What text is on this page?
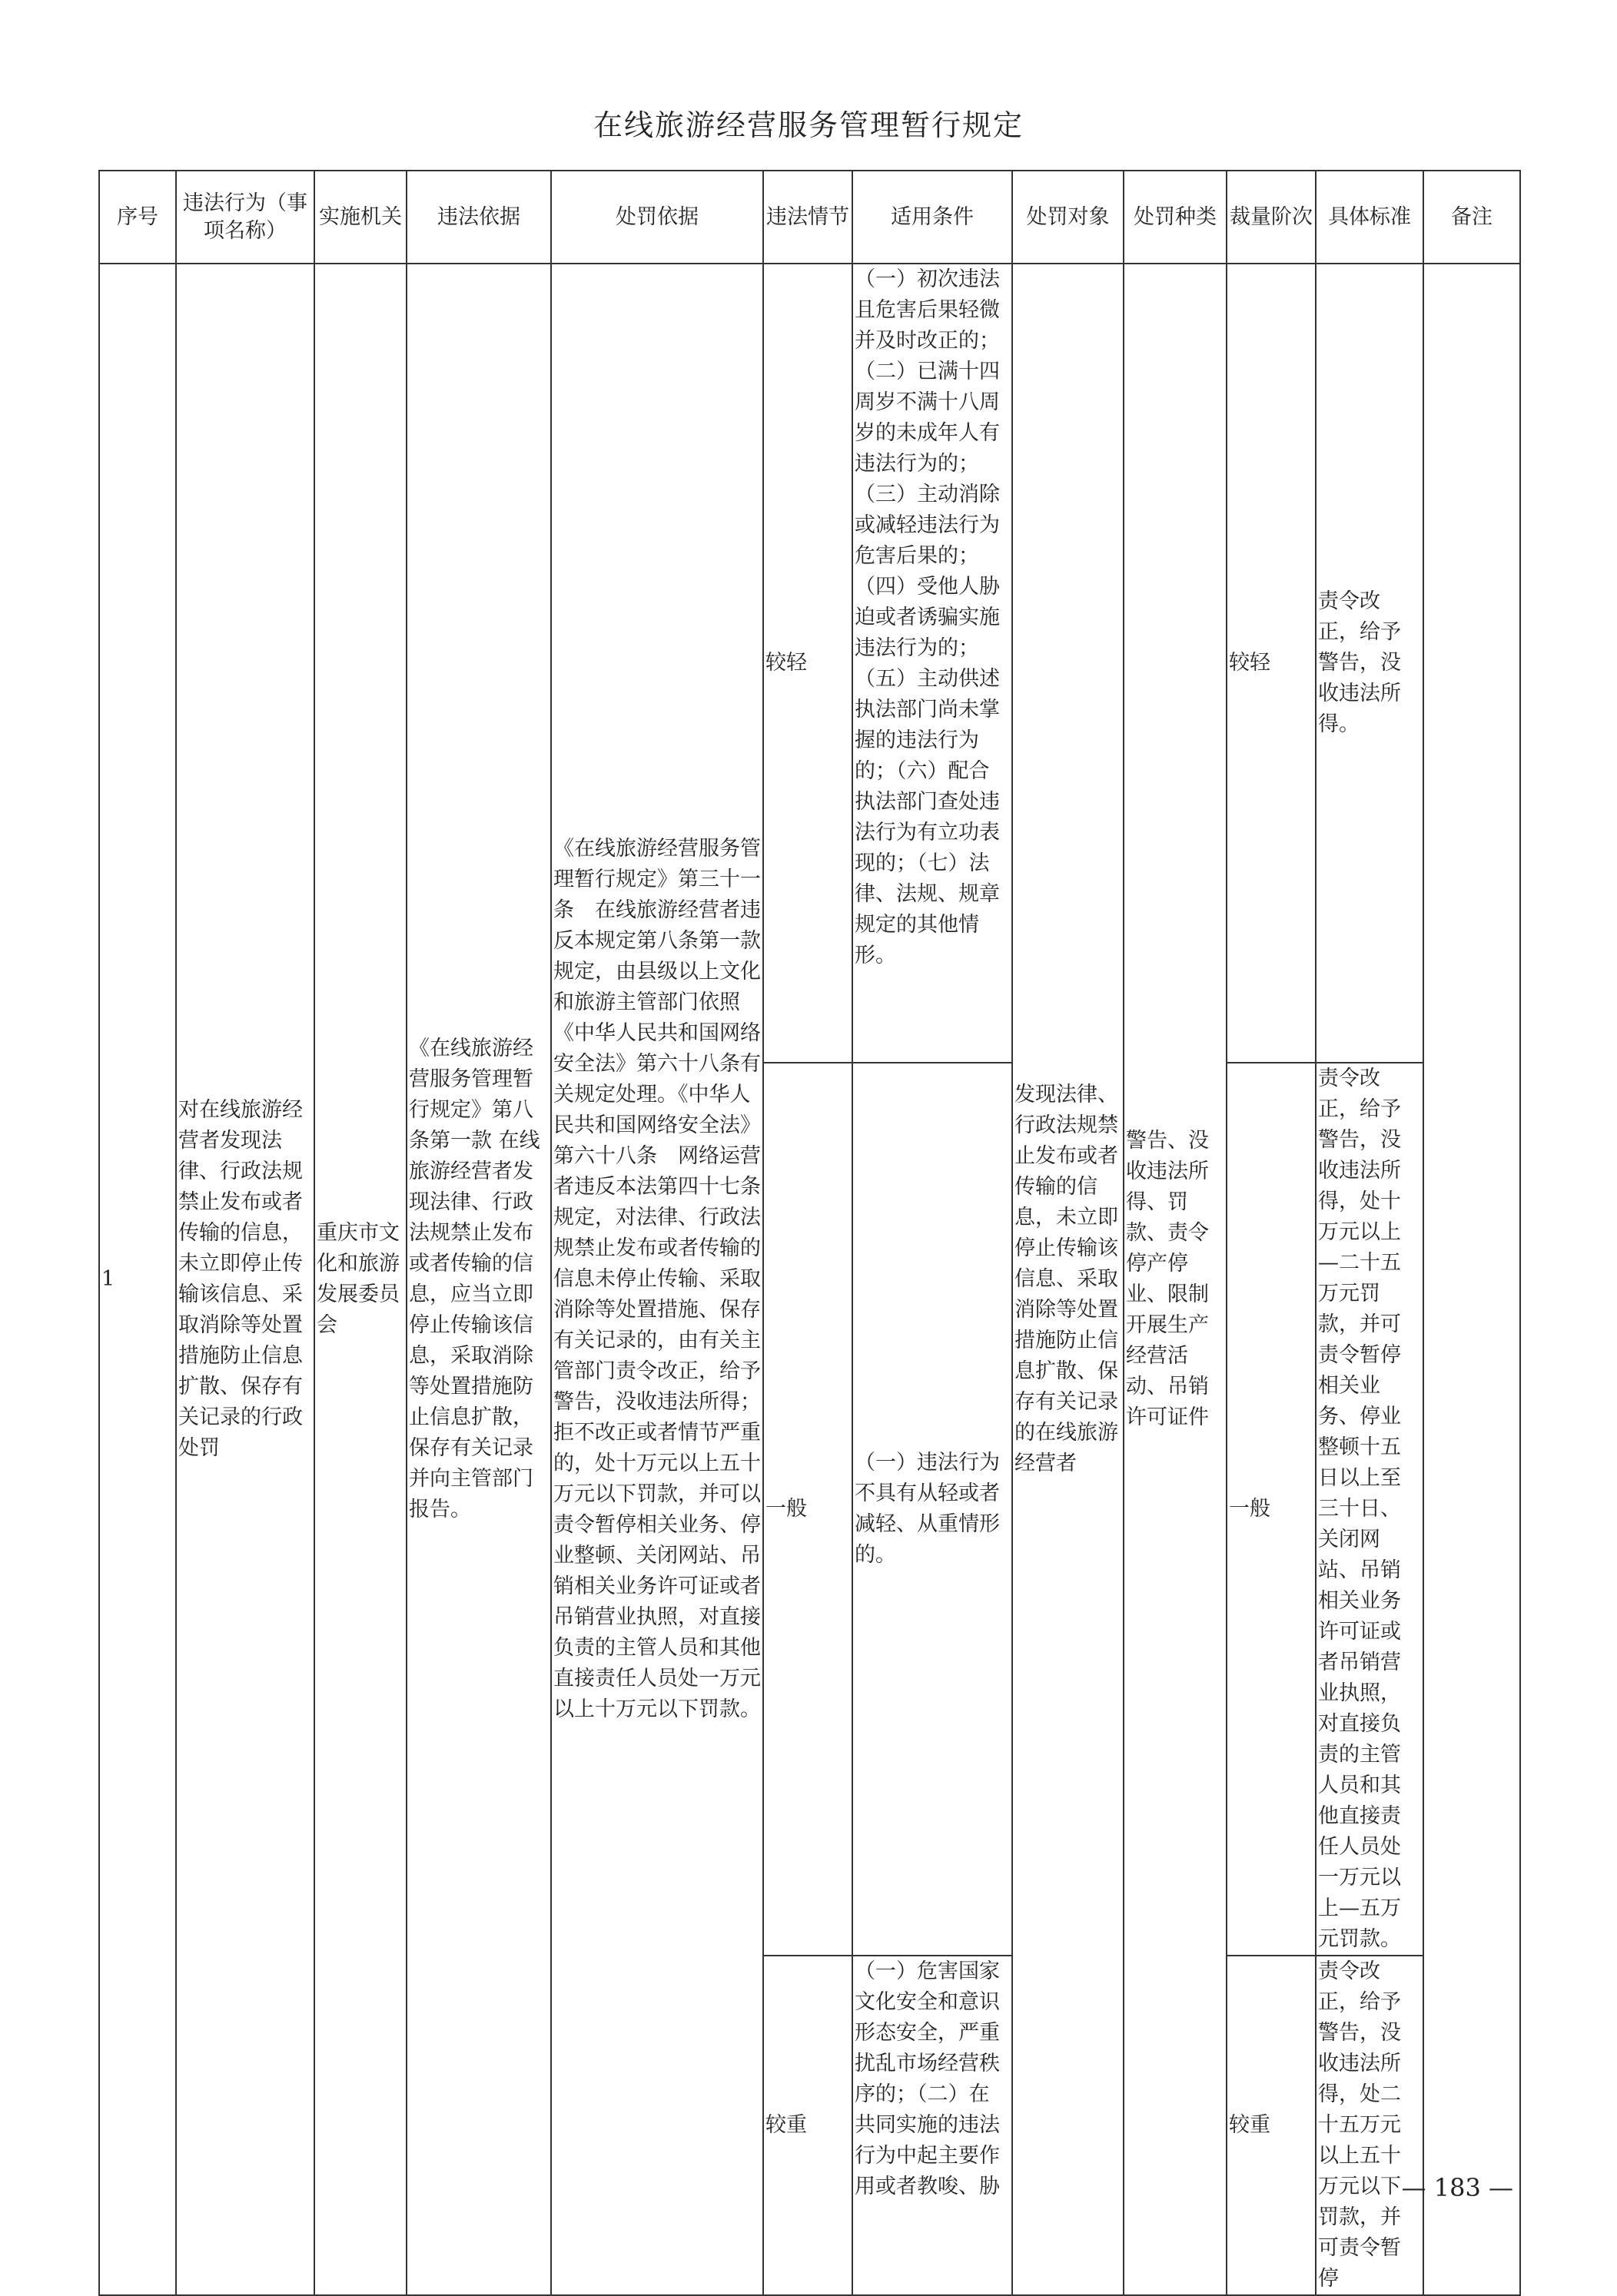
在线旅游经营服务管理暂行规定
序号	违法行为（事项名称）	实施机关	违法依据	处罚依据	违法情节	适用条件	处罚对象	处罚种类	裁量阶次	具体标准	备注
1	对在线旅游经营者发现法律、行政法规禁止发布或者传输的信息，未立即停止传输该信息、采取消除等处置措施防止信息扩散、保存有关记录的行政处罚	重庆市文化和旅游发展委员会	《在线旅游经营服务管理暂行规定》第八条第一款 在线旅游经营者发现法律、行政法规禁止发布或者传输的信息，应当立即停止传输该信息，采取消除等处置措施防止信息扩散，保存有关记录并向主管部门报告。	《在线旅游经营服务管理暂行规定》第三十一条　在线旅游经营者违反本规定第八条第一款规定，由县级以上文化和旅游主管部门依照《中华人民共和国网络安全法》第六十八条有关规定处理。《中华人民共和国网络安全法》第六十八条　网络运营者违反本法第四十七条规定，对法律、行政法规禁止发布或者传输的信息未停止传输、采取消除等处置措施、保存有关记录的，由有关主管部门责令改正，给予警告，没收违法所得；拒不改正或者情节严重的，处十万元以上五十万元以下罚款，并可以责令暂停相关业务、停业整顿、关闭网站、吊销相关业务许可证或者吊销营业执照，对直接负责的主管人员和其他直接责任人员处一万元以上十万元以下罚款。	较轻	（一）初次违法且危害后果轻微并及时改正的；（二）已满十四周岁不满十八周岁的未成年人有违法行为的；（三）主动消除或减轻违法行为危害后果的；（四）受他人胁迫或者诱骗实施违法行为的；（五）主动供述执法部门尚未掌握的违法行为的；（六）配合执法部门查处违法行为有立功表现的；（七）法律、法规、规章规定的其他情形。	发现法律、行政法规禁止发布或者传输的信息，未立即停止传输该信息、采取消除等处置措施防止信息扩散、保存有关记录的在线旅游经营者	警告、没收违法所得、罚款、责令停产停业、限制开展生产经营活动、吊销许可证件	较轻	责令改正，给予警告，没收违法所得。	
					一般	（一）违法行为不具有从轻或者减轻、从重情形的。			一般	责令改正，给予警告，没收违法所得，处十万元以上—二十五万元罚款，并可责令暂停相关业务、停业整顿十五日以上至三十日、关闭网站、吊销相关业务许可证或者吊销营业执照，对直接负责的主管人员和其他直接责任人员处一万元以上—五万元罚款。	
					较重	（一）危害国家文化安全和意识形态安全，严重扰乱市场经营秩序的；（二）在共同实施的违法行为中起主要作用或者教唆、胁			较重	责令改正，给予警告，没收违法所得，处二十五万元以上五十万元以下罚款，并可责令暂停	
— 183 —
